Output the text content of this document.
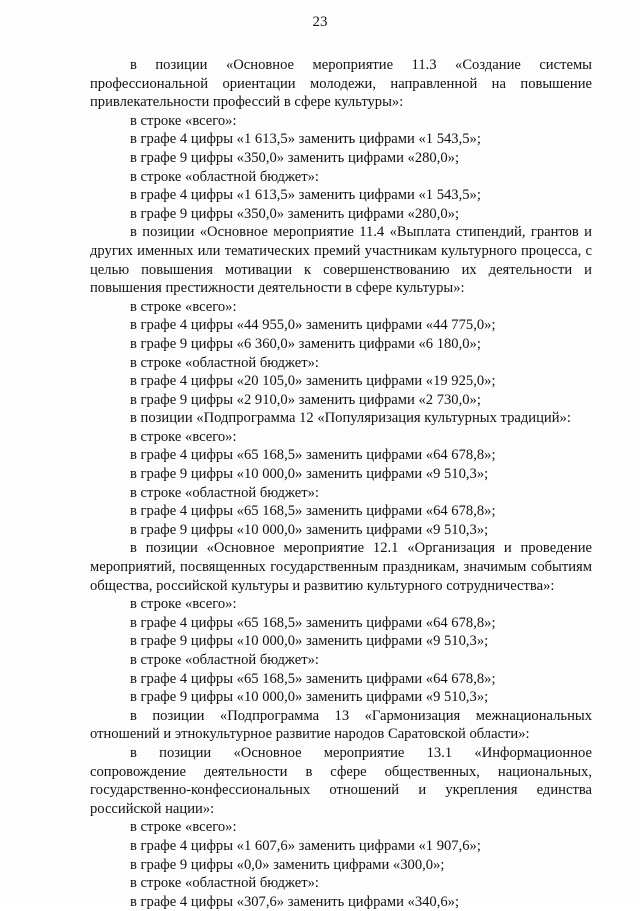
23

в позиции «Основное мероприятие 11.3 «Создание системы профессиональной ориентации молодежи, направленной на повышение привлекательности профессий в сфере культуры»:

в строке «всего»:

в графе 4 цифры «1 613,5» заменить цифрами «1 543,5»;

в графе 9 цифры «350,0» заменить цифрами «280,0»;

в строке «областной бюджет»:

в графе 4 цифры «1 613,5» заменить цифрами «1 543,5»;

в графе 9 цифры «350,0» заменить цифрами «280,0»;

в позиции «Основное мероприятие 11.4 «Выплата стипендий, грантов и других именных или тематических премий участникам культурного процесса, с целью повышения мотивации к совершенствованию их деятельности и повышения престижности деятельности в сфере культуры»:

в строке «всего»:

в графе 4 цифры «44 955,0» заменить цифрами «44 775,0»;

в графе 9 цифры «6 360,0» заменить цифрами «6 180,0»;

в строке «областной бюджет»:

в графе 4 цифры «20 105,0» заменить цифрами «19 925,0»;

в графе 9 цифры «2 910,0» заменить цифрами «2 730,0»;

в позиции «Подпрограмма 12 «Популяризация культурных традиций»:

в строке «всего»:

в графе 4 цифры «65 168,5» заменить цифрами «64 678,8»;

в графе 9 цифры «10 000,0» заменить цифрами «9 510,3»;

в строке «областной бюджет»:

в графе 4 цифры «65 168,5» заменить цифрами «64 678,8»;

в графе 9 цифры «10 000,0» заменить цифрами «9 510,3»;

в позиции «Основное мероприятие 12.1 «Организация и проведение мероприятий, посвященных государственным праздникам, значимым событиям общества, российской культуры и развитию культурного сотрудничества»:

в строке «всего»:

в графе 4 цифры «65 168,5» заменить цифрами «64 678,8»;

в графе 9 цифры «10 000,0» заменить цифрами «9 510,3»;

в строке «областной бюджет»:

в графе 4 цифры «65 168,5» заменить цифрами «64 678,8»;

в графе 9 цифры «10 000,0» заменить цифрами «9 510,3»;

в позиции «Подпрограмма 13 «Гармонизация межнациональных отношений и этнокультурное развитие народов Саратовской области»:

в позиции «Основное мероприятие 13.1 «Информационное сопровождение деятельности в сфере общественных, национальных, государственно-конфессиональных отношений и укрепления единства российской нации»:

в строке «всего»:

в графе 4 цифры «1 607,6» заменить цифрами «1 907,6»;

в графе 9 цифры «0,0» заменить цифрами «300,0»;

в строке «областной бюджет»:

в графе 4 цифры «307,6» заменить цифрами «340,6»;
